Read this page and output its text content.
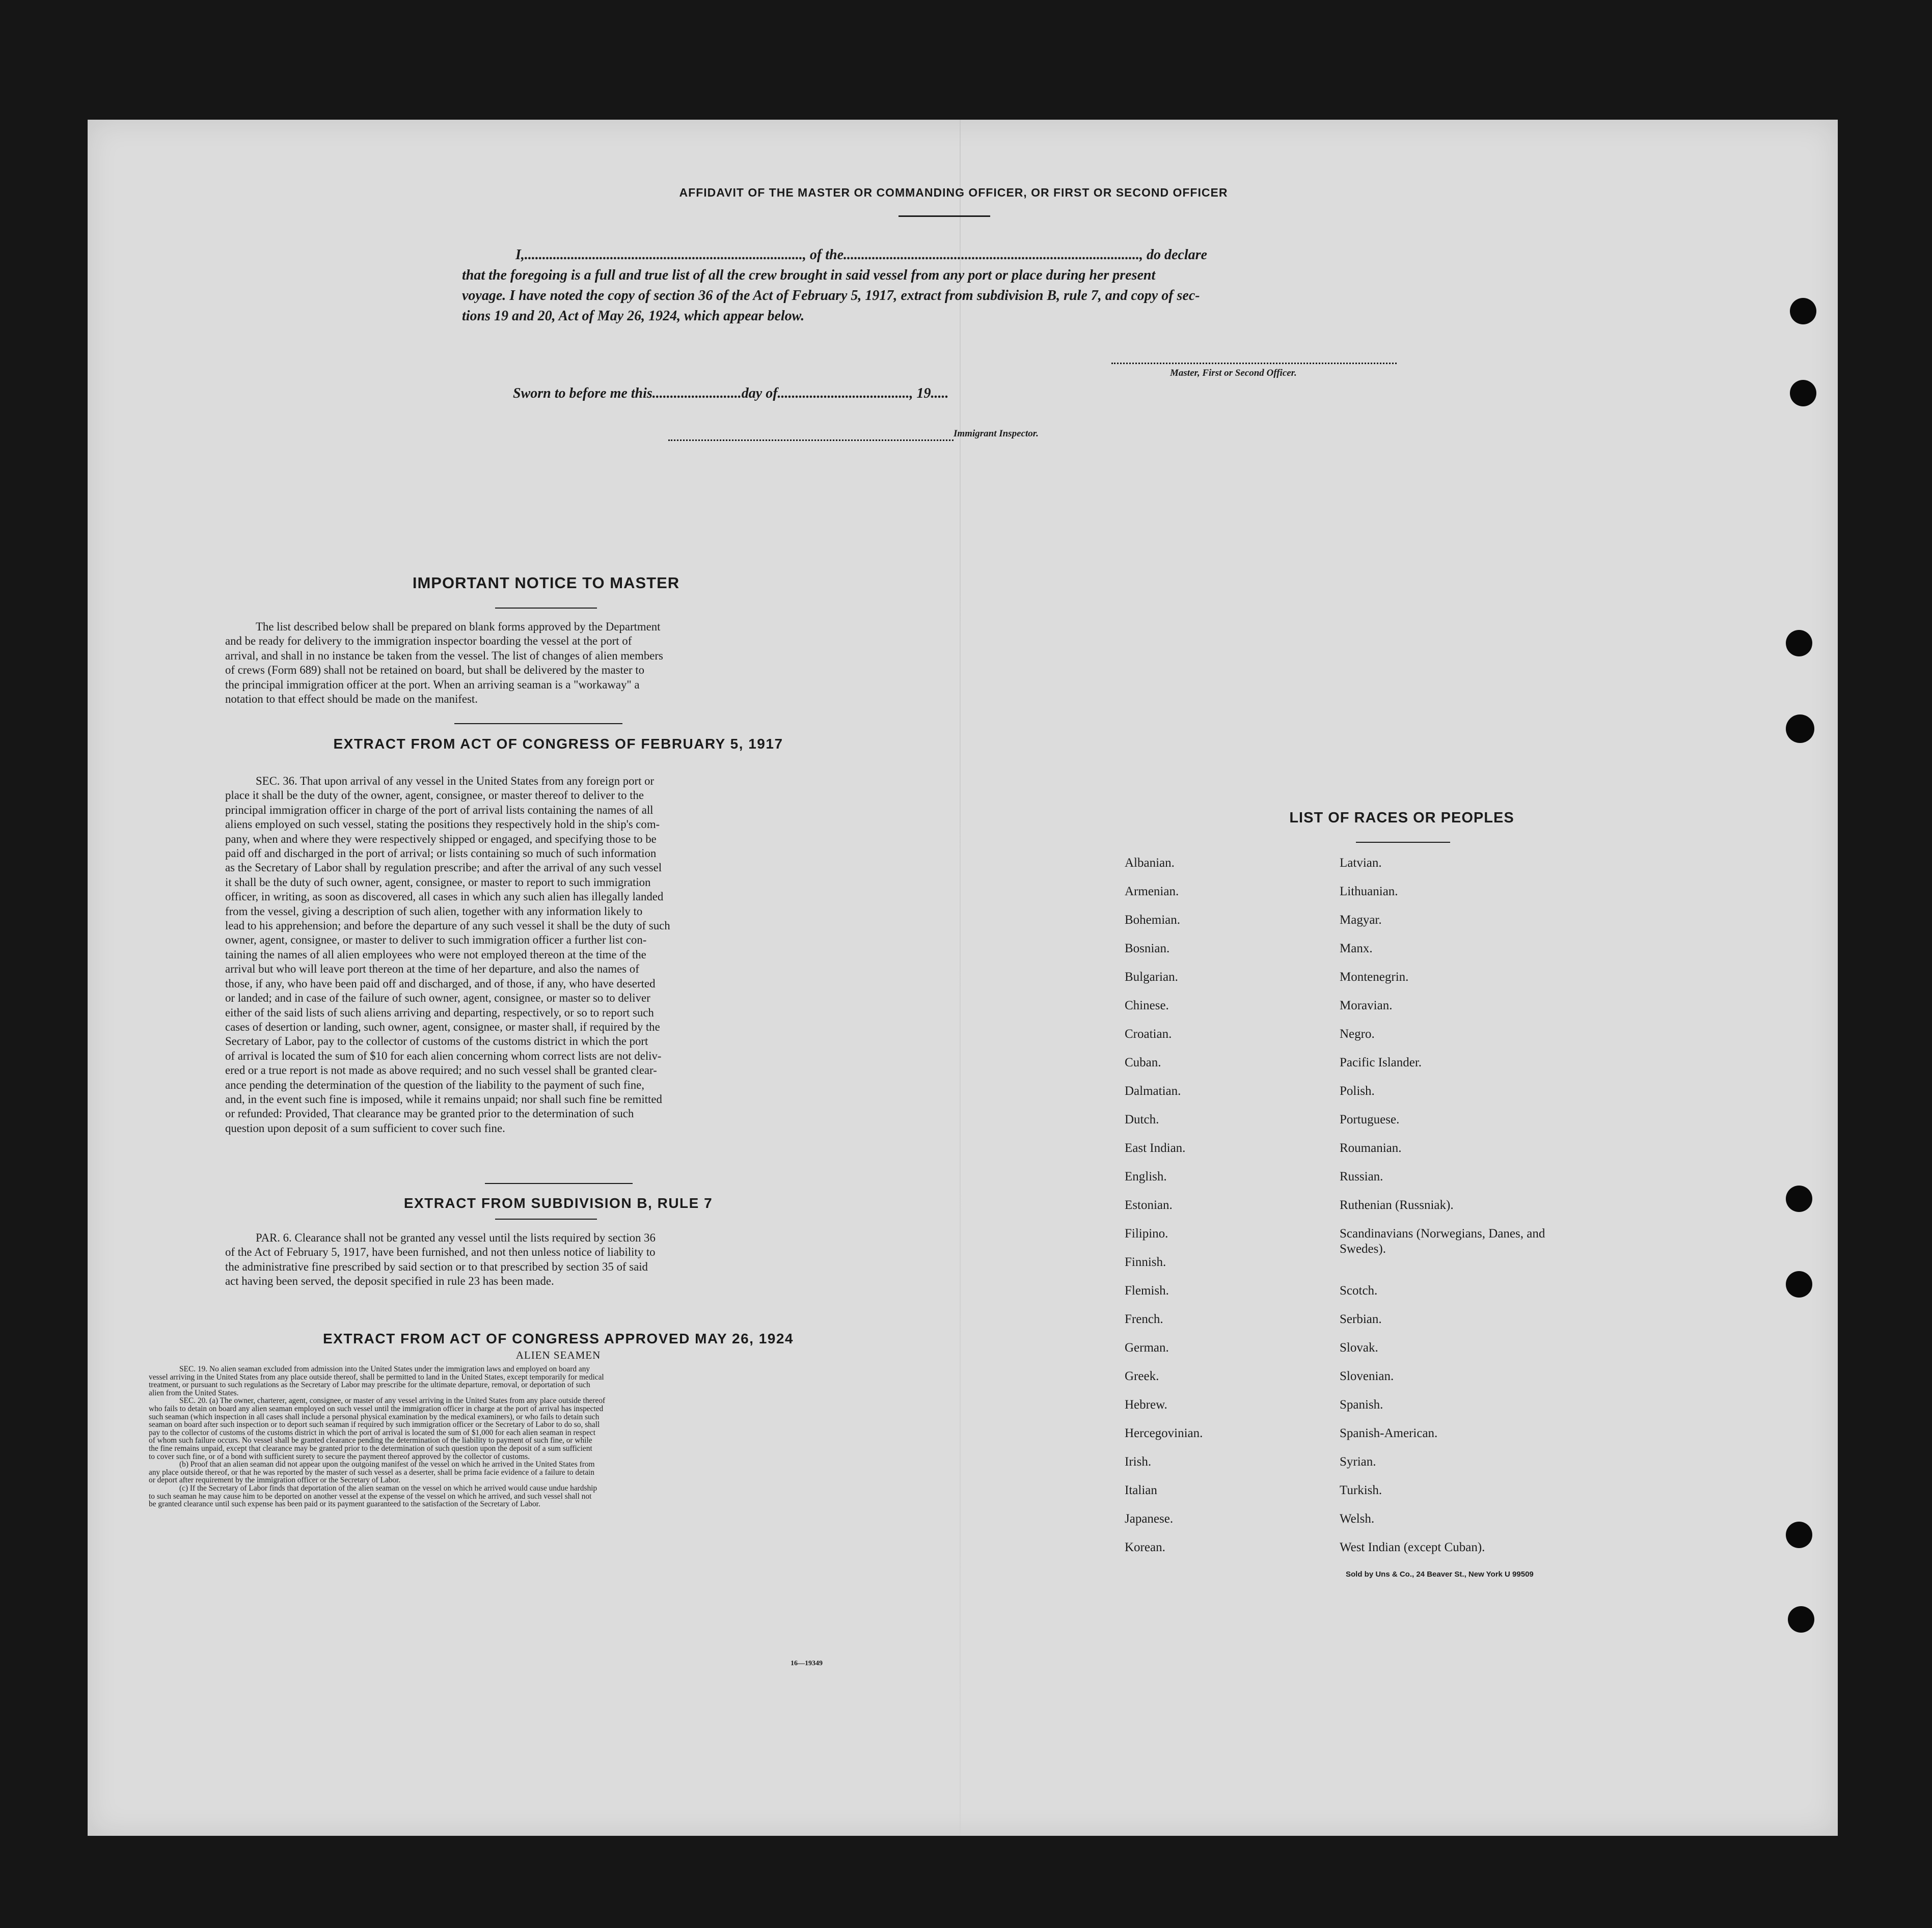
AFFIDAVIT OF THE MASTER OR COMMANDING OFFICER, OR FIRST OR SECOND OFFICER
I,.............................................................................., of the..................................................................................., do declare
that the foregoing is a full and true list of all the crew brought in said vessel from any port or place during her present
voyage. I have noted the copy of section 36 of the Act of February 5, 1917, extract from subdivision B, rule 7, and copy of sec-
tions 19 and 20, Act of May 26, 1924, which appear below.
Master, First or Second Officer.
Sworn to before me this.........................day of....................................., 19.....
Immigrant Inspector.
IMPORTANT NOTICE TO MASTER
The list described below shall be prepared on blank forms approved by the Department
and be ready for delivery to the immigration inspector boarding the vessel at the port of
arrival, and shall in no instance be taken from the vessel. The list of changes of alien members
of crews (Form 689) shall not be retained on board, but shall be delivered by the master to
the principal immigration officer at the port. When an arriving seaman is a "workaway" a
notation to that effect should be made on the manifest.
EXTRACT FROM ACT OF CONGRESS OF FEBRUARY 5, 1917
SEC. 36. That upon arrival of any vessel in the United States from any foreign port or
place it shall be the duty of the owner, agent, consignee, or master thereof to deliver to the
principal immigration officer in charge of the port of arrival lists containing the names of all
aliens employed on such vessel, stating the positions they respectively hold in the ship's com-
pany, when and where they were respectively shipped or engaged, and specifying those to be
paid off and discharged in the port of arrival; or lists containing so much of such information
as the Secretary of Labor shall by regulation prescribe; and after the arrival of any such vessel
it shall be the duty of such owner, agent, consignee, or master to report to such immigration
officer, in writing, as soon as discovered, all cases in which any such alien has illegally landed
from the vessel, giving a description of such alien, together with any information likely to
lead to his apprehension; and before the departure of any such vessel it shall be the duty of such
owner, agent, consignee, or master to deliver to such immigration officer a further list con-
taining the names of all alien employees who were not employed thereon at the time of the
arrival but who will leave port thereon at the time of her departure, and also the names of
those, if any, who have been paid off and discharged, and of those, if any, who have deserted
or landed; and in case of the failure of such owner, agent, consignee, or master so to deliver
either of the said lists of such aliens arriving and departing, respectively, or so to report such
cases of desertion or landing, such owner, agent, consignee, or master shall, if required by the
Secretary of Labor, pay to the collector of customs of the customs district in which the port
of arrival is located the sum of $10 for each alien concerning whom correct lists are not deliv-
ered or a true report is not made as above required; and no such vessel shall be granted clear-
ance pending the determination of the question of the liability to the payment of such fine,
and, in the event such fine is imposed, while it remains unpaid; nor shall such fine be remitted
or refunded: Provided, That clearance may be granted prior to the determination of such
question upon deposit of a sum sufficient to cover such fine.
EXTRACT FROM SUBDIVISION B, RULE 7
PAR. 6. Clearance shall not be granted any vessel until the lists required by section 36
of the Act of February 5, 1917, have been furnished, and not then unless notice of liability to
the administrative fine prescribed by said section or to that prescribed by section 35 of said
act having been served, the deposit specified in rule 23 has been made.
EXTRACT FROM ACT OF CONGRESS APPROVED MAY 26, 1924
ALIEN SEAMEN
SEC. 19. No alien seaman excluded from admission into the United States under the immigration laws and employed on board any
vessel arriving in the United States from any place outside thereof, shall be permitted to land in the United States, except temporarily for medical
treatment, or pursuant to such regulations as the Secretary of Labor may prescribe for the ultimate departure, removal, or deportation of such
alien from the United States.
SEC. 20. (a) The owner, charterer, agent, consignee, or master of any vessel arriving in the United States from any place outside thereof
who fails to detain on board any alien seaman employed on such vessel until the immigration officer in charge at the port of arrival has inspected
such seaman (which inspection in all cases shall include a personal physical examination by the medical examiners), or who fails to detain such
seaman on board after such inspection or to deport such seaman if required by such immigration officer or the Secretary of Labor to do so, shall
pay to the collector of customs of the customs district in which the port of arrival is located the sum of $1,000 for each alien seaman in respect
of whom such failure occurs. No vessel shall be granted clearance pending the determination of the liability to payment of such fine, or while
the fine remains unpaid, except that clearance may be granted prior to the determination of such question upon the deposit of a sum sufficient
to cover such fine, or of a bond with sufficient surety to secure the payment thereof approved by the collector of customs.
(b) Proof that an alien seaman did not appear upon the outgoing manifest of the vessel on which he arrived in the United States from
any place outside thereof, or that he was reported by the master of such vessel as a deserter, shall be prima facie evidence of a failure to detain
or deport after requirement by the immigration officer or the Secretary of Labor.
(c) If the Secretary of Labor finds that deportation of the alien seaman on the vessel on which he arrived would cause undue hardship
to such seaman he may cause him to be deported on another vessel at the expense of the vessel on which he arrived, and such vessel shall not
be granted clearance until such expense has been paid or its payment guaranteed to the satisfaction of the Secretary of Labor.
16—19349
LIST OF RACES OR PEOPLES
Sold by Uns & Co., 24 Beaver St., New York U 99509
Albanian.
Armenian.
Bohemian.
Bosnian.
Bulgarian.
Chinese.
Croatian.
Cuban.
Dalmatian.
Dutch.
East Indian.
English.
Estonian.
Filipino.
Finnish.
Flemish.
French.
German.
Greek.
Hebrew.
Hercegovinian.
Irish.
Italian
Japanese.
Korean.
Latvian.
Lithuanian.
Magyar.
Manx.
Montenegrin.
Moravian.
Negro.
Pacific Islander.
Polish.
Portuguese.
Roumanian.
Russian.
Ruthenian (Russniak).
Scandinavians (Norwegians, Danes, and Swedes).
Scotch.
Serbian.
Slovak.
Slovenian.
Spanish.
Spanish-American.
Syrian.
Turkish.
Welsh.
West Indian (except Cuban).
